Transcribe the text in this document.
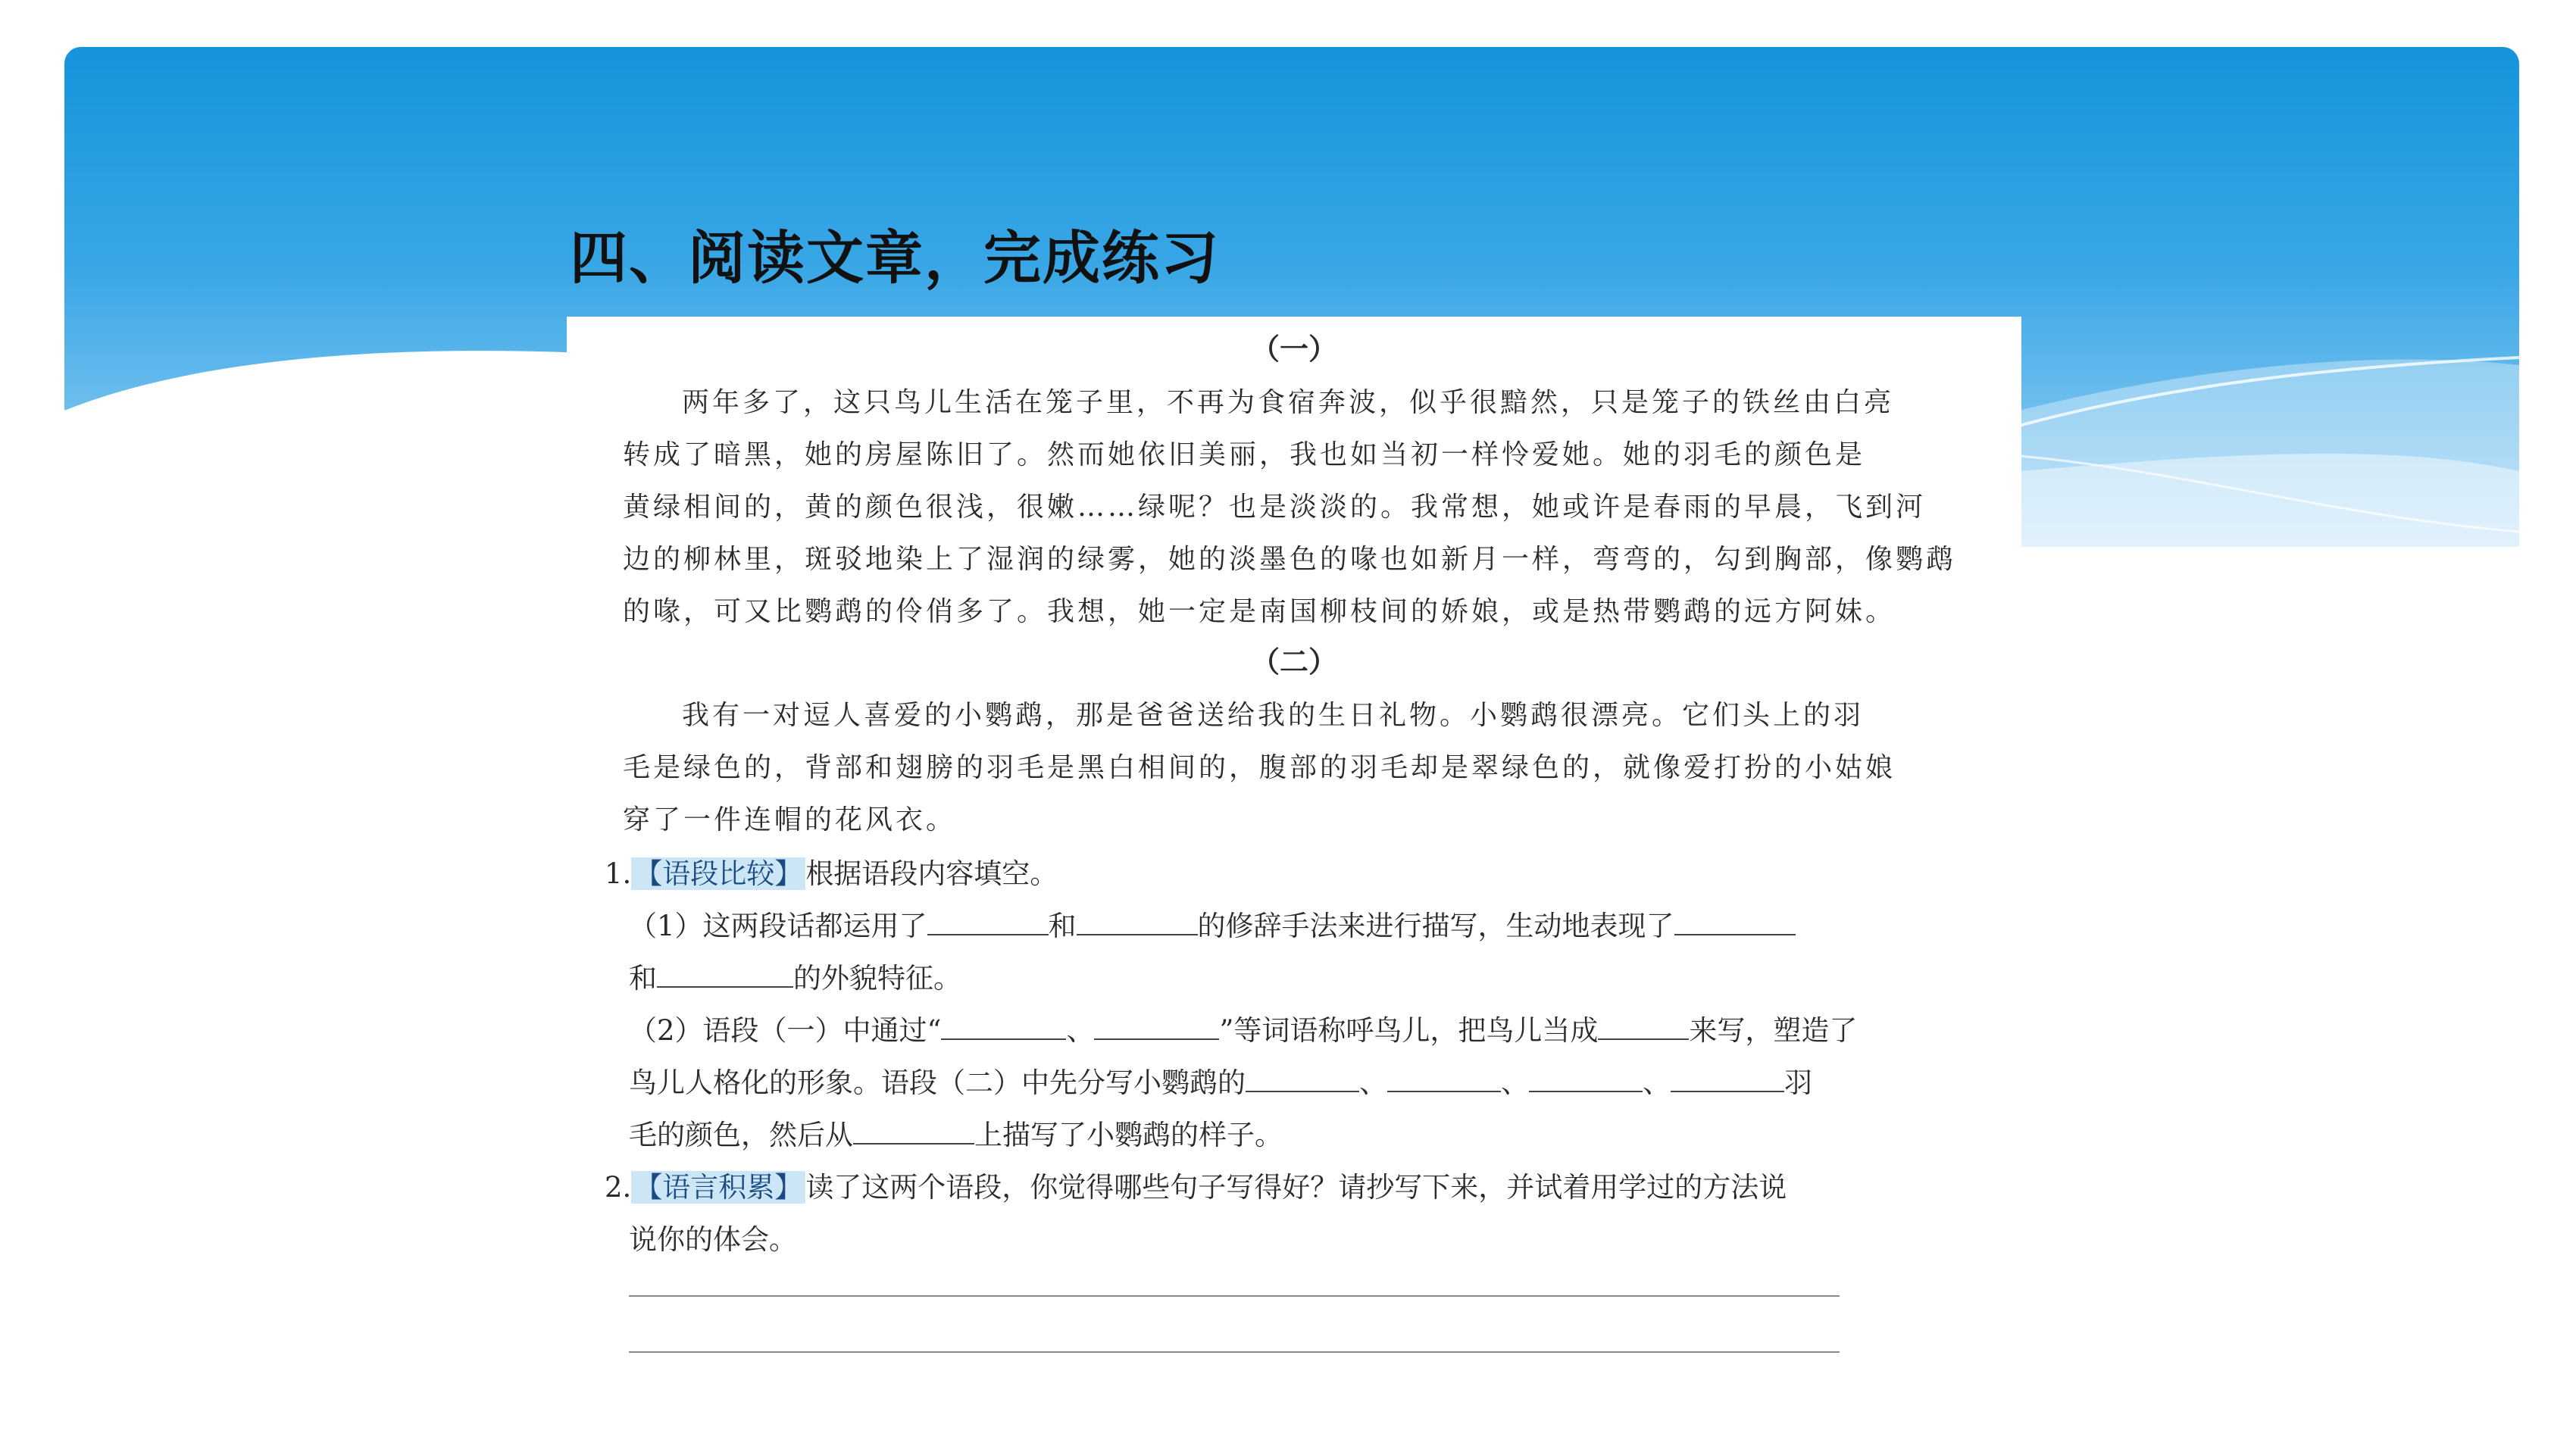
四、阅读文章，完成练习
（一）
两年多了，这只鸟儿生活在笼子里，不再为食宿奔波，似乎很黯然，只是笼子的铁丝由白亮
转成了暗黑，她的房屋陈旧了。然而她依旧美丽，我也如当初一样怜爱她。她的羽毛的颜色是
黄绿相间的，黄的颜色很浅，很嫩……绿呢？也是淡淡的。我常想，她或许是春雨的早晨，飞到河
边的柳林里，斑驳地染上了湿润的绿雾，她的淡墨色的喙也如新月一样，弯弯的，勾到胸部，像鹦鹉
的喙，可又比鹦鹉的伶俏多了。我想，她一定是南国柳枝间的娇娘，或是热带鹦鹉的远方阿妹。
（二）
我有一对逗人喜爱的小鹦鹉，那是爸爸送给我的生日礼物。小鹦鹉很漂亮。它们头上的羽
毛是绿色的，背部和翅膀的羽毛是黑白相间的，腹部的羽毛却是翠绿色的，就像爱打扮的小姑娘
穿了一件连帽的花风衣。
1. 【语段比较】 根据语段内容填空。
（1）这两段话都运用了	和	的修辞手法来进行描写，生动地表现了
和	的外貌特征。
（2）语段（一）中通过“	、	”等词语称呼鸟儿，把鸟儿当成	来写，塑造了
鸟儿人格化的形象。语段（二）中先分写小鹦鹉的	、	、	、	羽
毛的颜色，然后从	上描写了小鹦鹉的样子。
2. 【语言积累】 读了这两个语段，你觉得哪些句子写得好？请抄写下来，并试着用学过的方法说
说你的体会。
